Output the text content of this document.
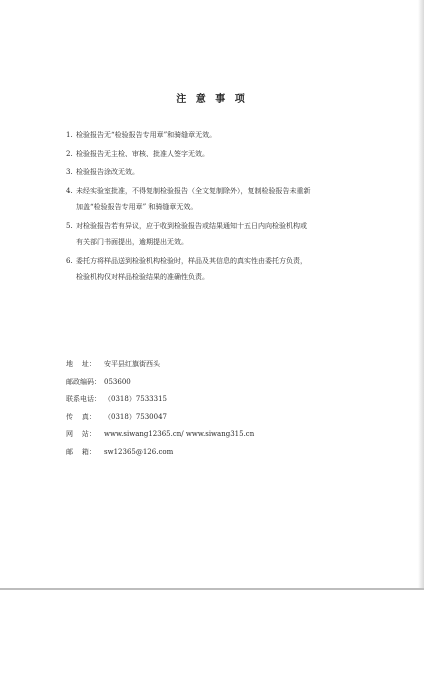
注 意 事 项
1. 检验报告无“检验报告专用章”和骑缝章无效。
2. 检验报告无主检、审核、批准人签字无效。
3. 检验报告涂改无效。
4. 未经实验室批准，不得复制检验报告（全文复制除外），复制检验报告未重新
加盖“检验报告专用章” 和骑缝章无效。
5. 对检验报告若有异议，应于收到检验报告或结果通知十五日内向检验机构或
有关部门书面提出，逾期提出无效。
6. 委托方将样品送到检验机构检验时，样品及其信息的真实性由委托方负责，
检验机构仅对样品检验结果的准确性负责。
地    址：	安平县红旗街西头
邮政编码： 053600
联系电话： （0318）7533315
传    真：	（0318）7530047
网    站：	www.siwang12365.cn/ www.siwang315.cn
邮    箱：	sw12365@126.com
